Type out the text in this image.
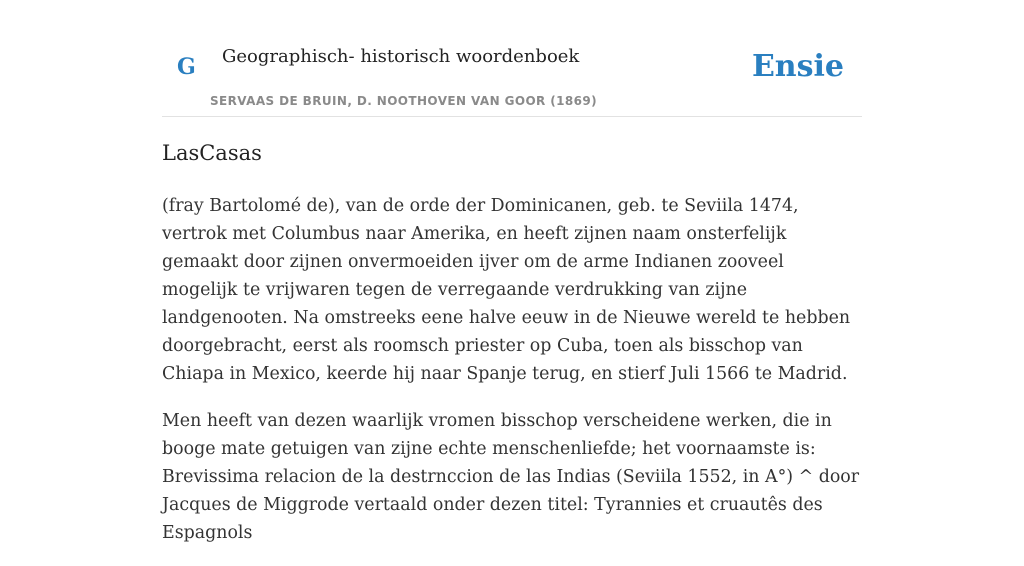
G Geographisch- historisch woordenboek
SERVAAS DE BRUIN, D. NOOTHOVEN VAN GOOR (1869)
Ensie
LasCasas

(fray Bartolomé de), van de orde der Dominicanen, geb. te Seviila 1474, vertrok met Columbus naar Amerika, en heeft zijnen naam onsterfelijk gemaakt door zijnen onvermoeiden ijver om de arme Indianen zooveel mogelijk te vrijwaren tegen de verregaande verdrukking van zijne landgenooten. Na omstreeks eene halve eeuw in de Nieuwe wereld te hebben doorgebracht, eerst als roomsch priester op Cuba, toen als bisschop van Chiapa in Mexico, keerde hij naar Spanje terug, en stierf Juli 1566 te Madrid.

Men heeft van dezen waarlijk vromen bisschop verscheidene werken, die in booge mate getuigen van zijne echte menschenliefde; het voornaamste is: Brevissima relacion de la destrnccion de las Indias (Seviila 1552, in A°) ^ door Jacques de Miggrode vertaald onder dezen titel: Tyrannies et cruautês des Espagnols
